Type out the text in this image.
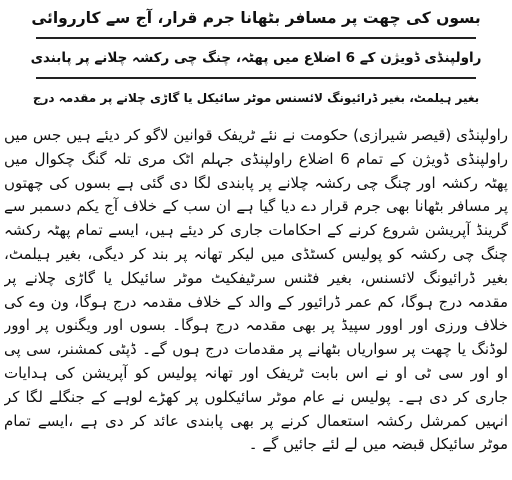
بسوں کی چھت پر مسافر بٹھانا جرم قرار، آج سے کارروائی
راولپنڈی ڈویژن کے 6 اضلاع میں پھٹہ، چنگ چی رکشہ چلانے پر پابندی
بغیر ہیلمٹ، بغیر ڈرائیونگ لائسنس موٹر سائیکل یا گاڑی چلانے پر مقدمہ درج

راولپنڈی (قیصر شیرازی) حکومت نے نئے ٹریفک قوانین لاگو کر دیئے ہیں جس میں راولپنڈی ڈویژن کے تمام 6 اضلاع راولپنڈی جہلم اٹک مری تلہ گنگ چکوال میں پھٹہ رکشہ اور چنگ چی رکشہ چلانے پر پابندی لگا دی گئی ہے بسوں کی چھتوں پر مسافر بٹھانا بھی جرم قرار دے دیا گیا ہے ان سب کے خلاف آج یکم دسمبر سے گرینڈ آپریشن شروع کرنے کے احکامات جاری کر دیئے ہیں، ایسے تمام پھٹہ رکشہ چنگ چی رکشہ کو پولیس کسٹڈی میں لیکر تھانہ پر بند کر دیگی، بغیر ہیلمٹ، بغیر ڈرائیونگ لائسنس، بغیر فٹنس سرٹیفکیٹ موٹر سائیکل یا گاڑی چلانے پر مقدمہ درج ہوگا، کم عمر ڈرائیور کے والد کے خلاف مقدمہ درج ہوگا، ون وے کی خلاف ورزی اور اوور سپیڈ پر بھی مقدمہ درج ہوگا۔ بسوں اور ویگنوں پر اوور لوڈنگ یا چھت پر سواریاں بٹھانے پر مقدمات درج ہوں گے۔ ڈپٹی کمشنر، سی پی او اور سی ٹی او نے اس بابت ٹریفک اور تھانہ پولیس کو آپریشن کی ہدایات جاری کر دی ہے۔ پولیس نے عام موٹر سائیکلوں پر کھڑے لوہے کے جنگلے لگا کر انہیں کمرشل رکشہ استعمال کرنے پر بھی پابندی عائد کر دی ہے ،ایسے تمام موٹر سائیکل قبضہ میں لے لئے جائیں گے ۔
